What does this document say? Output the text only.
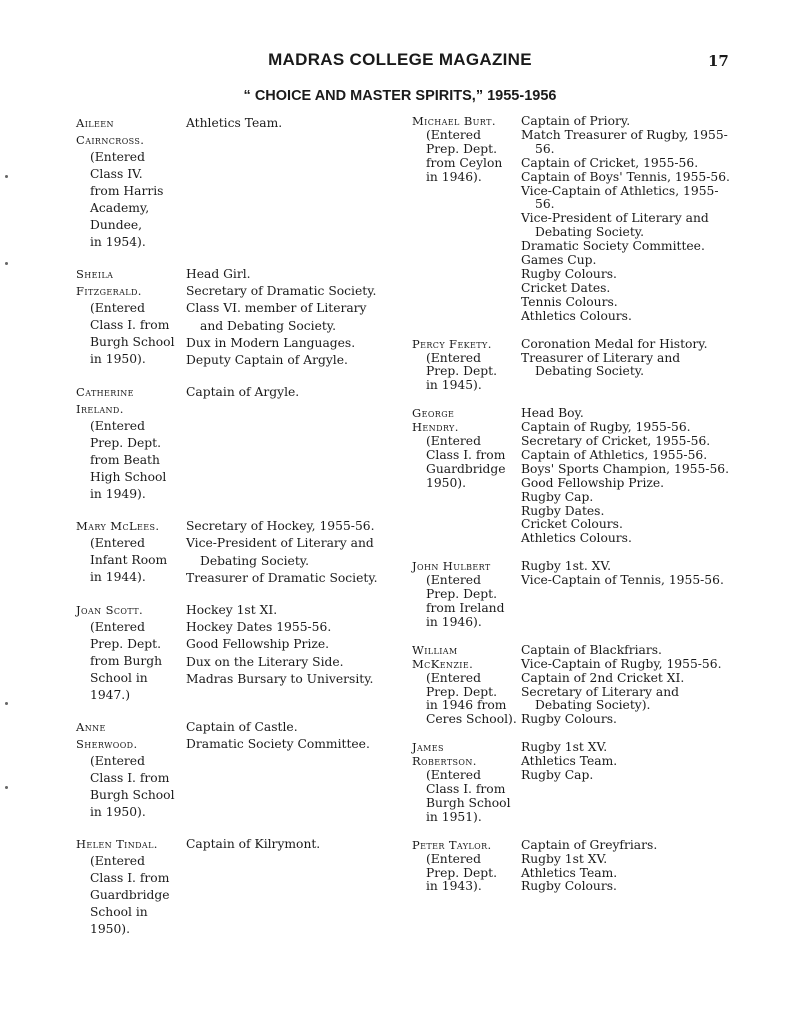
MADRAS COLLEGE MAGAZINE	17
“ CHOICE AND MASTER SPIRITS,” 1955-1956
Aileen
Cairncross.
(Entered
Class IV.
from Harris
Academy,
Dundee,
in 1954).
Athletics Team.
Sheila
Fitzgerald.
(Entered
Class I. from
Burgh School
in 1950).
Head Girl.
Secretary of Dramatic Society.
Class VI. member of Literary and Debating Society.
Dux in Modern Languages.
Deputy Captain of Argyle.
Catherine
Ireland.
(Entered
Prep. Dept.
from Beath
High School
in 1949).
Captain of Argyle.
Mary McLees.
(Entered
Infant Room
in 1944).
Secretary of Hockey, 1955-56.
Vice-President of Literary and Debating Society.
Treasurer of Dramatic Society.
Joan Scott.
(Entered
Prep. Dept.
from Burgh
School in
1947.)
Hockey 1st XI.
Hockey Dates 1955-56.
Good Fellowship Prize.
Dux on the Literary Side.
Madras Bursary to University.
Anne
Sherwood.
(Entered
Class I. from
Burgh School
in 1950).
Captain of Castle.
Dramatic Society Committee.
Helen Tindal.
(Entered
Class I. from
Guardbridge
School in
1950).
Captain of Kilrymont.
Michael Burt.
(Entered
Prep. Dept.
from Ceylon
in 1946).
Captain of Priory.
Match Treasurer of Rugby, 1955-56.
Captain of Cricket, 1955-56.
Captain of Boys' Tennis, 1955-56.
Vice-Captain of Athletics, 1955-56.
Vice-President of Literary and Debating Society.
Dramatic Society Committee.
Games Cup.
Rugby Colours.
Cricket Dates.
Tennis Colours.
Athletics Colours.
Percy Fekety.
(Entered
Prep. Dept.
in 1945).
Coronation Medal for History.
Treasurer of Literary and Debating Society.
George
Hendry.
(Entered
Class I. from
Guardbridge
1950).
Head Boy.
Captain of Rugby, 1955-56.
Secretary of Cricket, 1955-56.
Captain of Athletics, 1955-56.
Boys' Sports Champion, 1955-56.
Good Fellowship Prize.
Rugby Cap.
Rugby Dates.
Cricket Colours.
Athletics Colours.
John Hulbert
(Entered
Prep. Dept.
from Ireland
in 1946).
Rugby 1st. XV.
Vice-Captain of Tennis, 1955-56.
William
McKenzie.
(Entered
Prep. Dept.
in 1946 from
Ceres School).
Captain of Blackfriars.
Vice-Captain of Rugby, 1955-56.
Captain of 2nd Cricket XI.
Secretary of Literary and Debating Society).
Rugby Colours.
James
Robertson.
(Entered
Class I. from
Burgh School
in 1951).
Rugby 1st XV.
Athletics Team.
Rugby Cap.
Peter Taylor.
(Entered
Prep. Dept.
in 1943).
Captain of Greyfriars.
Rugby 1st XV.
Athletics Team.
Rugby Colours.
